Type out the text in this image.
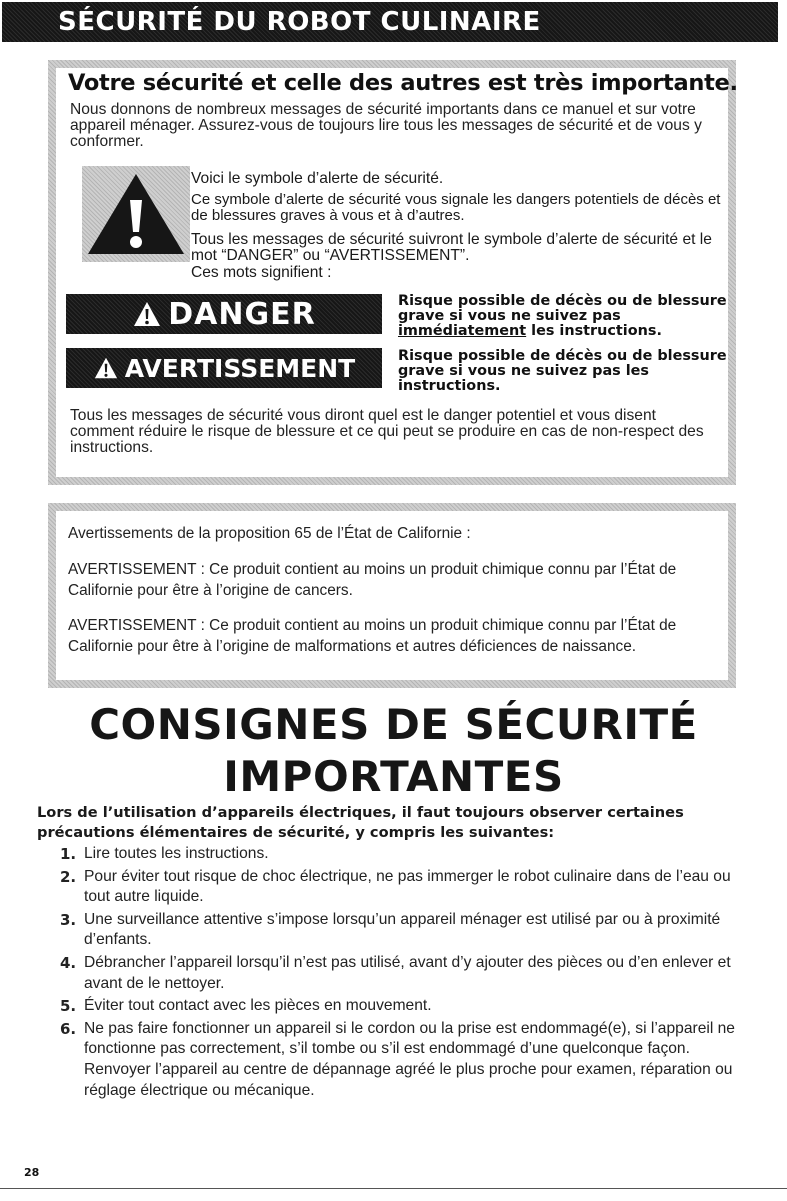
SÉCURITÉ DU ROBOT CULINAIRE
Votre sécurité et celle des autres est très importante.
Nous donnons de nombreux messages de sécurité importants dans ce manuel et sur votre appareil ménager. Assurez-vous de toujours lire tous les messages de sécurité et de vous y conformer.
Voici le symbole d’alerte de sécurité.
Ce symbole d’alerte de sécurité vous signale les dangers potentiels de décès et de blessures graves à vous et à d’autres.
Tous les messages de sécurité suivront le symbole d’alerte de sécurité et le mot “DANGER” ou “AVERTISSEMENT”.
Ces mots signifient :
DANGER	Risque possible de décès ou de blessure grave si vous ne suivez pas immédiatement les instructions.
AVERTISSEMENT	Risque possible de décès ou de blessure grave si vous ne suivez pas les instructions.
Tous les messages de sécurité vous diront quel est le danger potentiel et vous disent comment réduire le risque de blessure et ce qui peut se produire en cas de non-respect des instructions.
Avertissements de la proposition 65 de l’État de Californie :
AVERTISSEMENT : Ce produit contient au moins un produit chimique connu par l’État de Californie pour être à l’origine de cancers.
AVERTISSEMENT : Ce produit contient au moins un produit chimique connu par l’État de Californie pour être à l’origine de malformations et autres déficiences de naissance.
CONSIGNES DE SÉCURITÉ
IMPORTANTES
Lors de l’utilisation d’appareils électriques, il faut toujours observer certaines précautions élémentaires de sécurité, y compris les suivantes:
1. Lire toutes les instructions.
2. Pour éviter tout risque de choc électrique, ne pas immerger le robot culinaire dans de l’eau ou tout autre liquide.
3. Une surveillance attentive s’impose lorsqu’un appareil ménager est utilisé par ou à proximité d’enfants.
4. Débrancher l’appareil lorsqu’il n’est pas utilisé, avant d’y ajouter des pièces ou d’en enlever et avant de le nettoyer.
5. Éviter tout contact avec les pièces en mouvement.
6. Ne pas faire fonctionner un appareil si le cordon ou la prise est endommagé(e), si l’appareil ne fonctionne pas correctement, s’il tombe ou s’il est endommagé d’une quelconque façon. Renvoyer l’appareil au centre de dépannage agréé le plus proche pour examen, réparation ou réglage électrique ou mécanique.
28
